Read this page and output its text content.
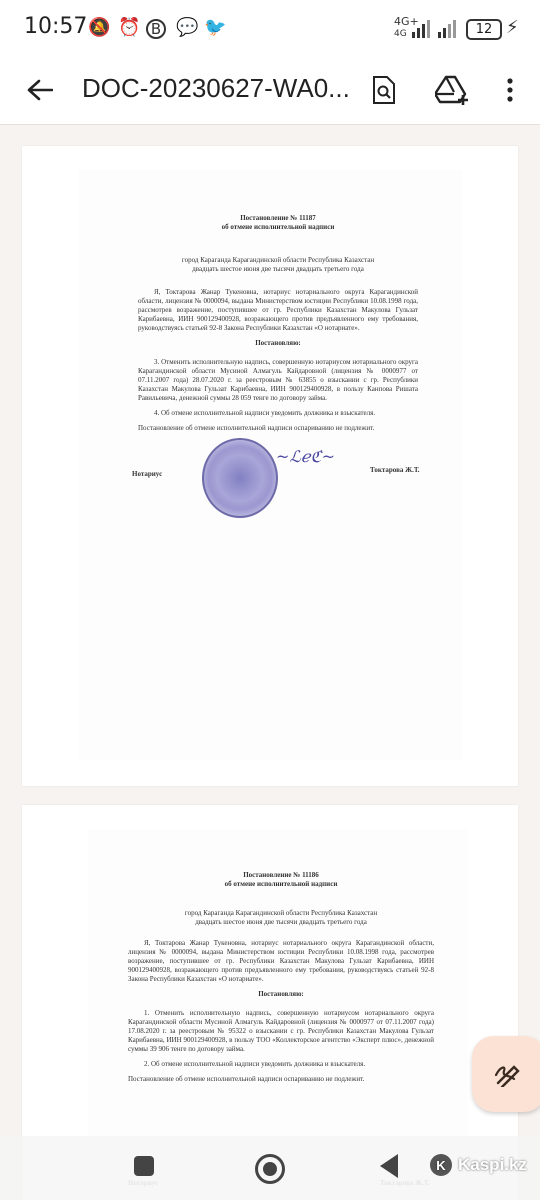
10:57 🔕 ⏰ B 💬 🐦	4G+
4G	12 ⚡
DOC-20230627-WA0...
Постановление № 11187
об отмене исполнительной надписи
город Караганда Карагандинской области Республика Казахстан
двадцать шестое июня две тысячи двадцать третьего года

Я, Токтарова Жанар Тукеновна, нотариус нотариального округа Карагандинской области, лицензия № 0000094, выдана Министерством юстиции Республики 10.08.1998 года, рассмотрев возражение, поступившее от гр. Республики Казахстан Макулова Гульзат Карибаевна, ИИН 900129400928, возражающего против предъявленного ему требования, руководствуясь статьей 92-8 Закона Республики Казахстан «О нотариате».

Постановляю:

3. Отменить исполнительную надпись, совершенную нотариусом нотариального округа Карагандинской области Мусиной Алмагуль Кайдаровной (лицензия № 0000977 от 07.11.2007 года) 28.07.2020 г. за реестровым № 63855 о взыскании с гр. Республики Казахстан Макулова Гульзат Карибаевна, ИИН 900129400928, в пользу Канпова Ришата Равильевича, денежной суммы 28 059 тенге по договору займа.

4. Об отмене исполнительной надписи уведомить должника и взыскателя.

Постановление об отмене исполнительной надписи оспариванию не подлежит.

Нотариус	Токтарова Ж.Т.
~ℒℯℭ~
Постановление № 11186
об отмене исполнительной надписи
город Караганда Карагандинской области Республика Казахстан
двадцать шестое июня две тысячи двадцать третьего года

Я, Токтарова Жанар Тукеновна, нотариус нотариального округа Карагандинской области, лицензия № 0000094, выдана Министерством юстиции Республики 10.08.1998 года, рассмотрев возражение, поступившее от гр. Республики Казахстан Макулова Гульзат Карибаевна, ИИН 900129400928, возражающего против предъявленного ему требования, руководствуясь статьей 92-8 Закона Республики Казахстан «О нотариате».

Постановляю:

1. Отменить исполнительную надпись, совершенную нотариусом нотариального округа Карагандинской области Мусиной Алмагуль Кайдаровной (лицензия № 0000977 от 07.11.2007 года) 17.08.2020 г. за реестровым № 95322 о взыскании с гр. Республики Казахстан Макулова Гульзат Карибаевна, ИИН 900129400928, в пользу ТОО «Коллекторское агентство «Эксперт плюс», денежной суммы 39 906 тенге по договору займа.

2. Об отмене исполнительной надписи уведомить должника и взыскателя.

Постановление об отмене исполнительной надписи оспариванию не подлежит.

K Kaspi.kz
